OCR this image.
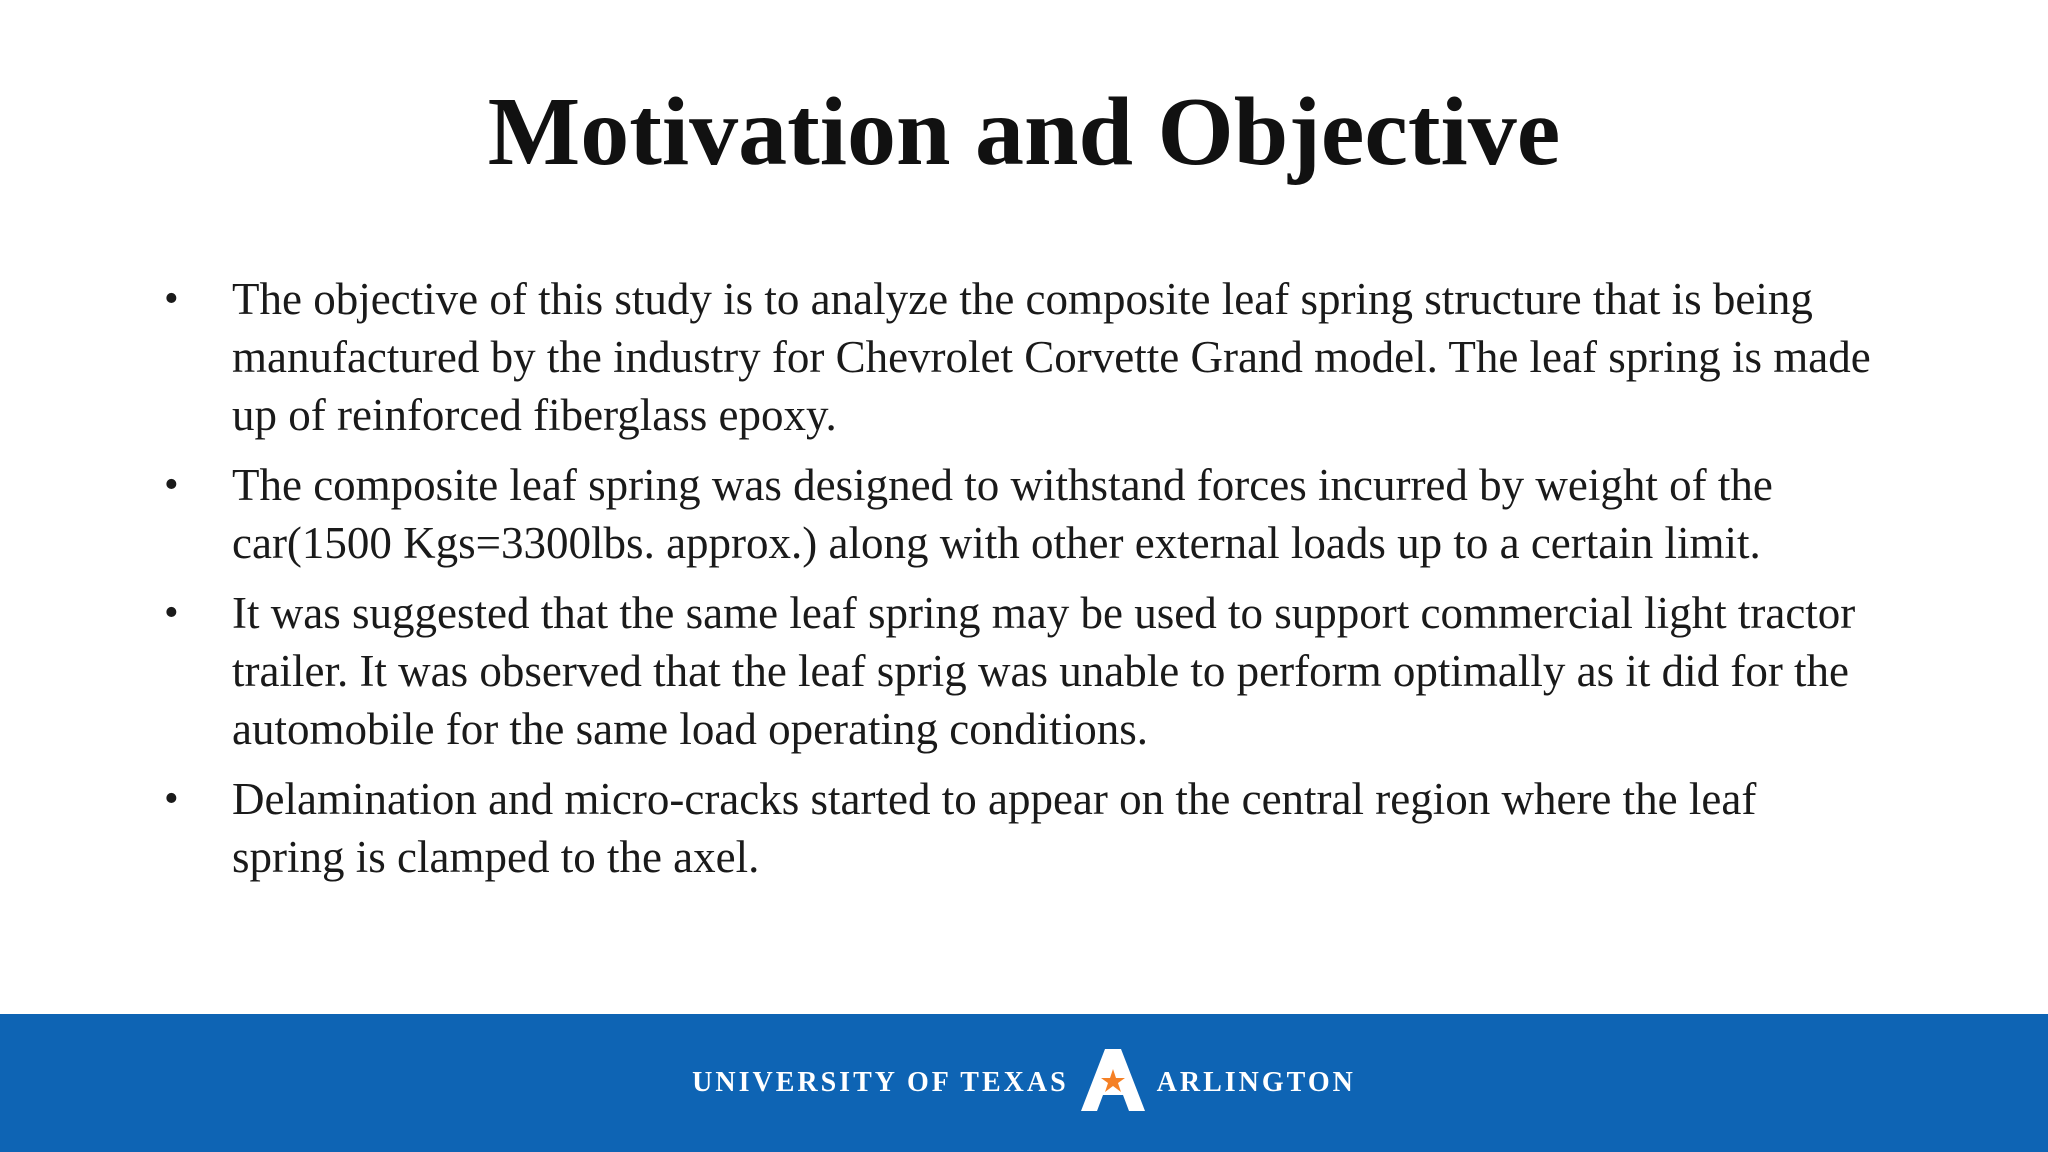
Motivation and Objective
•	The objective of this study is to analyze the composite leaf spring structure that is being manufactured by the industry for Chevrolet Corvette Grand model. The leaf spring is made up of reinforced fiberglass epoxy.
•	The composite leaf spring was designed to withstand forces incurred by weight of the car(1500 Kgs=3300lbs. approx.) along with other external loads up to a certain limit.
•	It was suggested that the same leaf spring may be used to support commercial light tractor trailer. It was observed that the leaf sprig was unable to perform optimally as it did for the automobile for the same load operating conditions.
•	Delamination and micro-cracks started to appear on the central region where the leaf spring is clamped to the axel.
UNIVERSITY OF TEXAS	ARLINGTON
